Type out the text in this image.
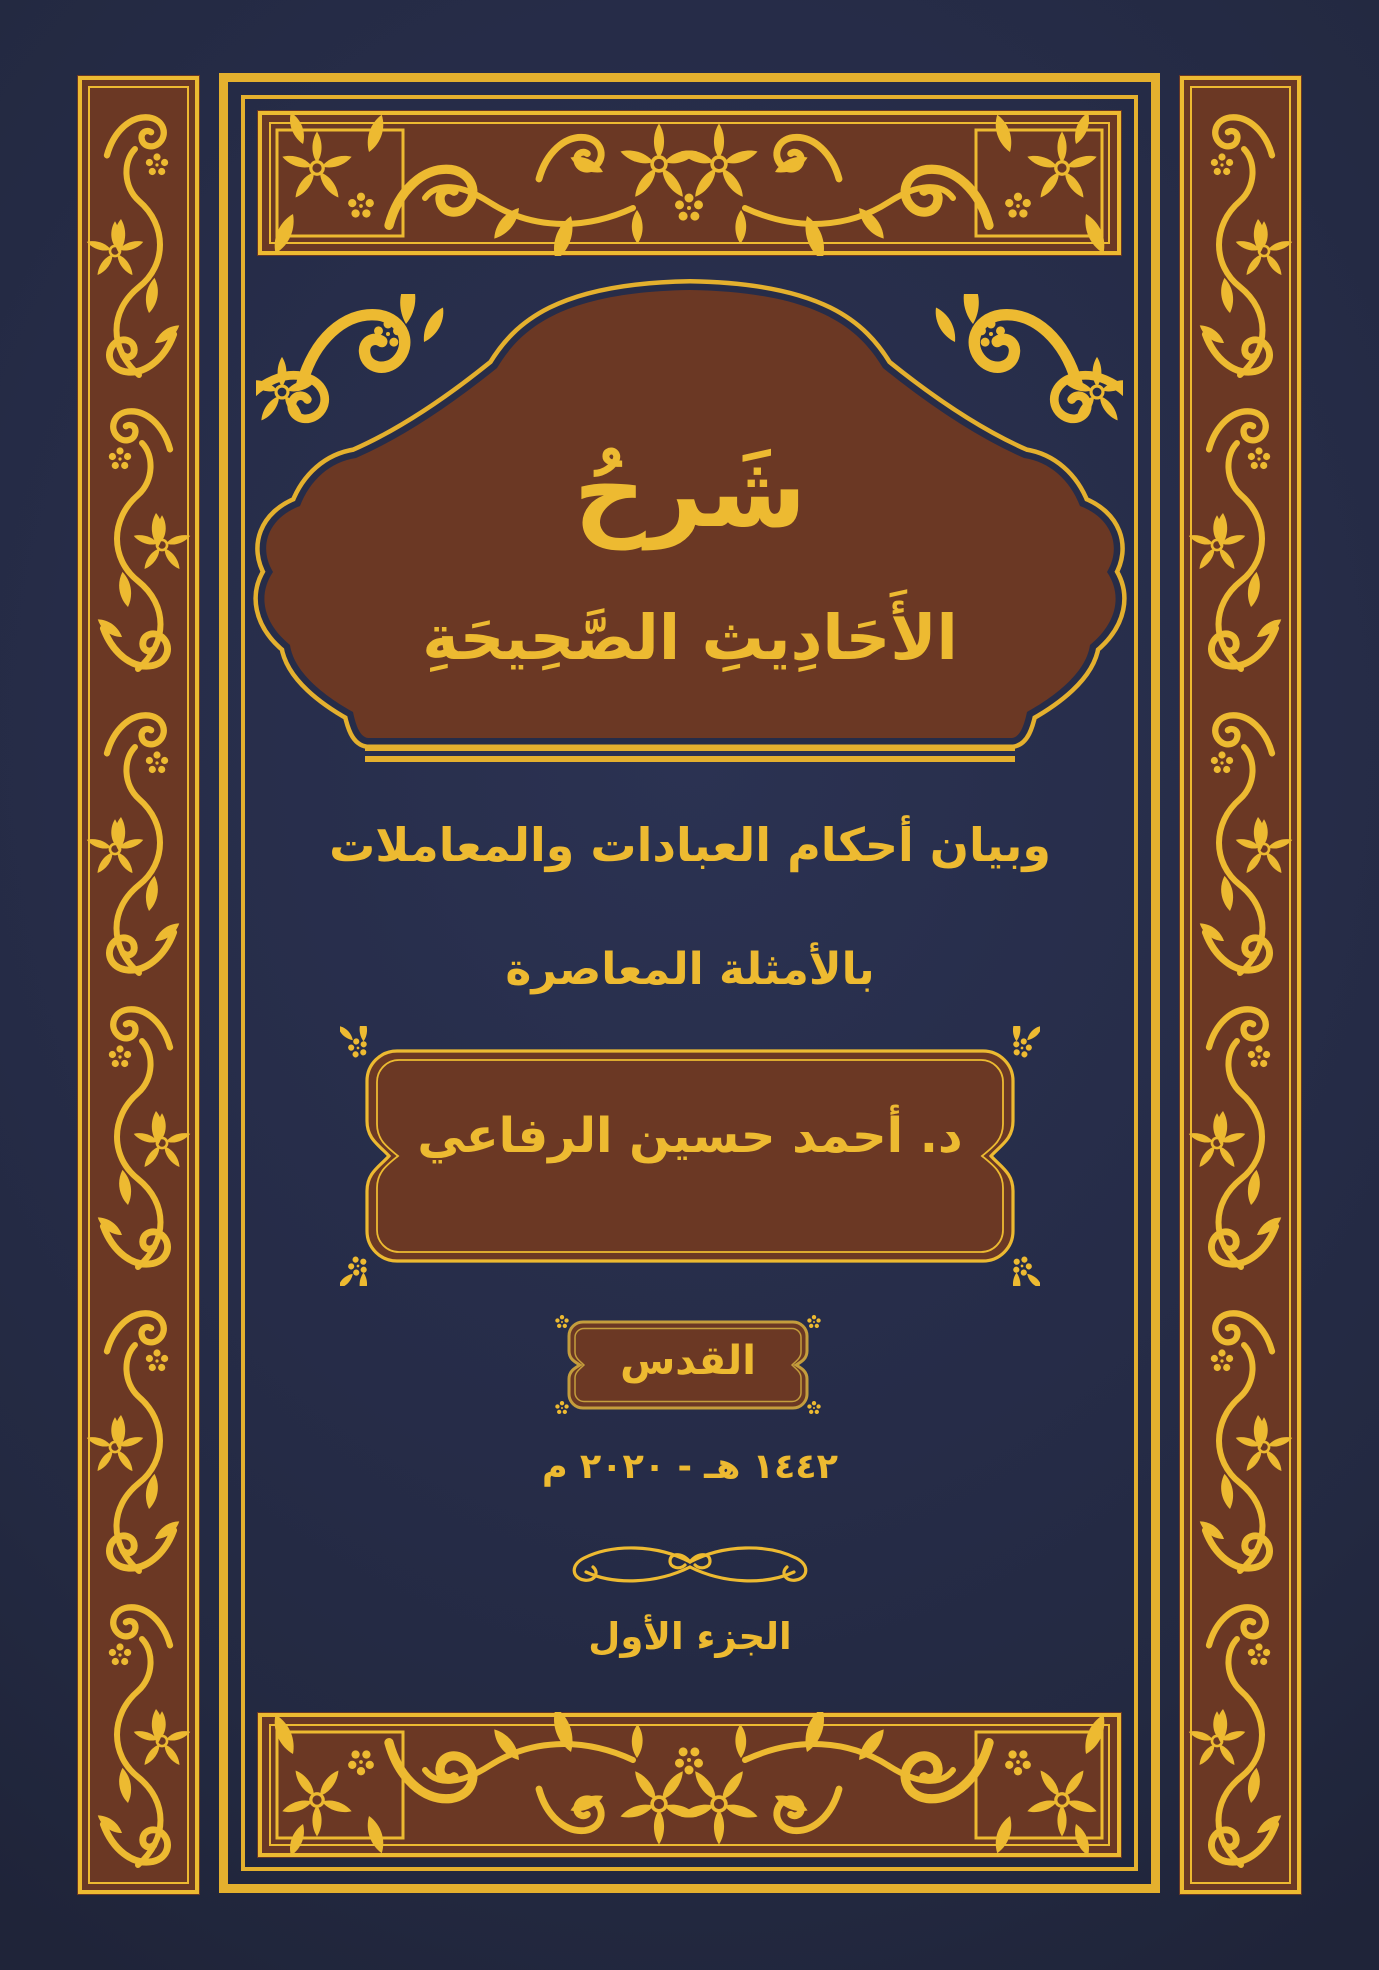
شَرحُ
الأَحَادِيثِ الصَّحِيحَةِ
وبيان أحكام العبادات والمعاملات
بالأمثلة المعاصرة
د. أحمد حسين الرفاعي
القدس
١٤٤٢ هـ - ٢٠٢٠ م
الجزء الأول
